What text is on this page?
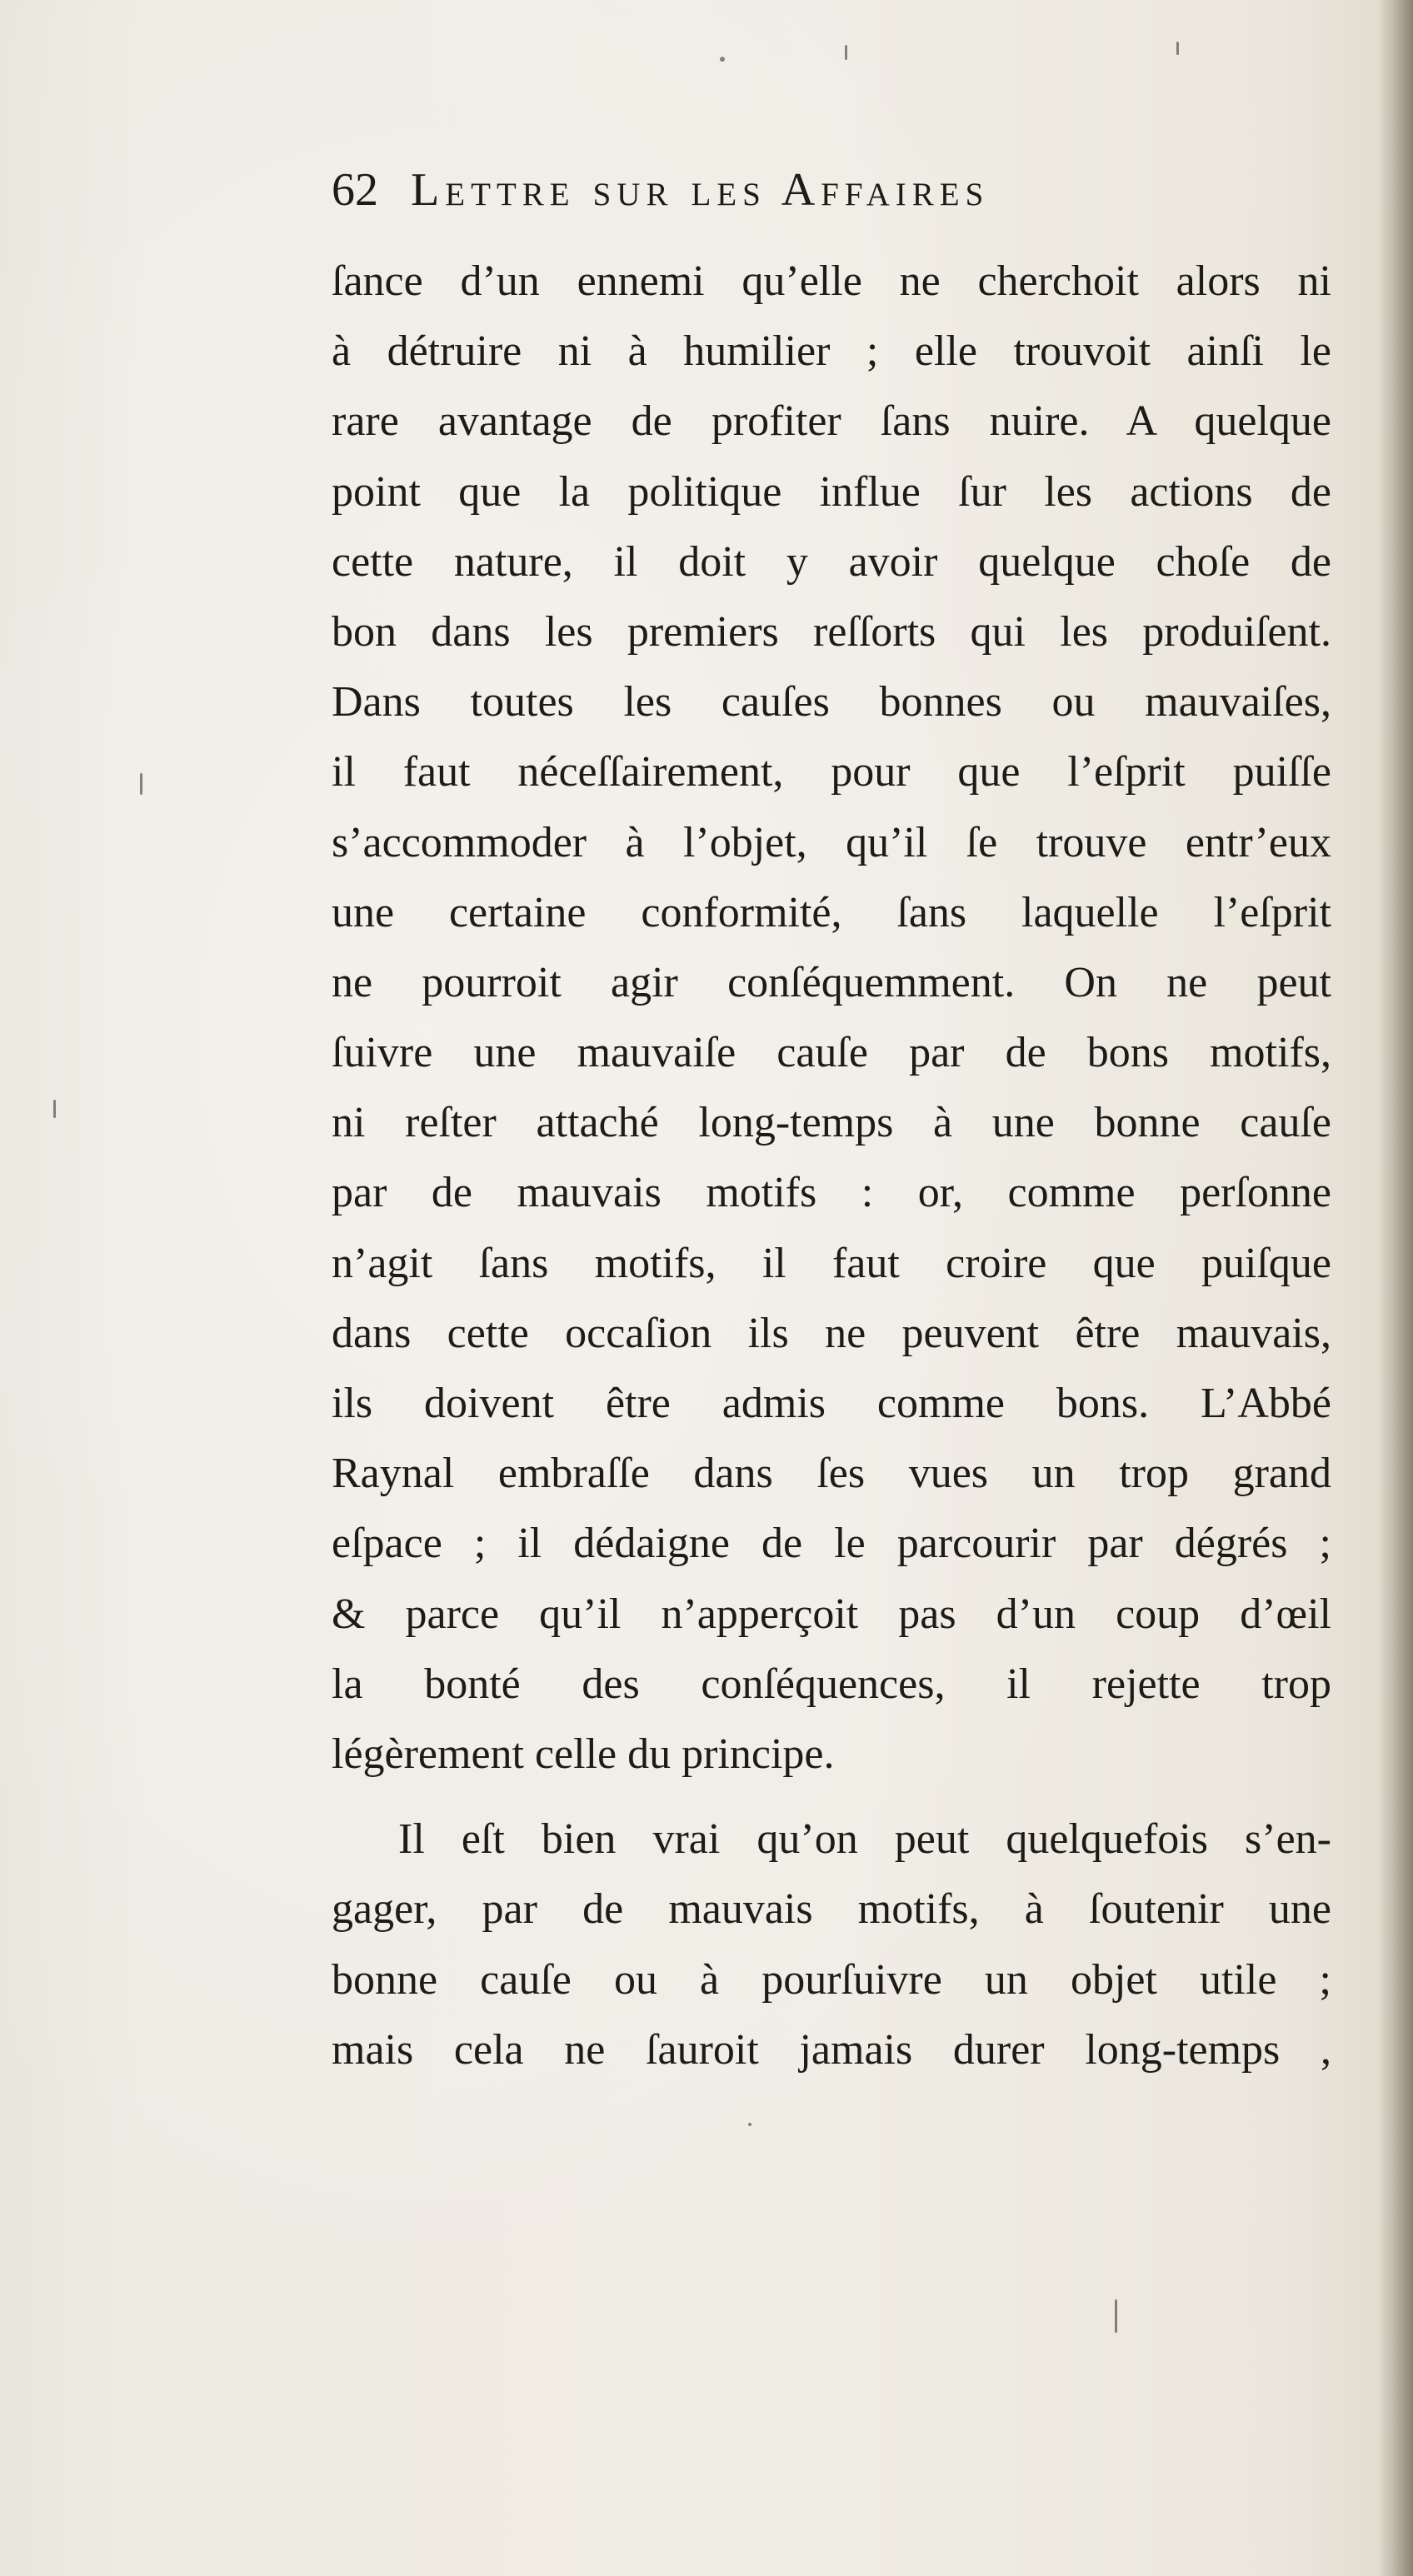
62 Lettre sur les Affaires
ſance d’un ennemi qu’elle ne cherchoit alors ni
à détruire ni à humilier ; elle trouvoit ainſi le
rare avantage de profiter ſans nuire. A quelque
point que la politique influe ſur les actions de
cette nature, il doit y avoir quelque choſe de
bon dans les premiers reſſorts qui les produiſent.
Dans toutes les cauſes bonnes ou mauvaiſes,
il faut néceſſairement, pour que l’eſprit puiſſe
s’accommoder à l’objet, qu’il ſe trouve entr’eux
une certaine conformité, ſans laquelle l’eſprit
ne pourroit agir conſéquemment. On ne peut
ſuivre une mauvaiſe cauſe par de bons motifs,
ni reſter attaché long-temps à une bonne cauſe
par de mauvais motifs : or, comme perſonne
n’agit ſans motifs, il faut croire que puiſque
dans cette occaſion ils ne peuvent être mauvais,
ils doivent être admis comme bons. L’Abbé
Raynal embraſſe dans ſes vues un trop grand
eſpace ; il dédaigne de le parcourir par dégrés ;
& parce qu’il n’apperçoit pas d’un coup d’œil
la bonté des conſéquences, il rejette trop
légèrement celle du principe.
Il eſt bien vrai qu’on peut quelquefois s’en-
gager, par de mauvais motifs, à ſoutenir une
bonne cauſe ou à pourſuivre un objet utile ;
mais cela ne ſauroit jamais durer long-temps ,
